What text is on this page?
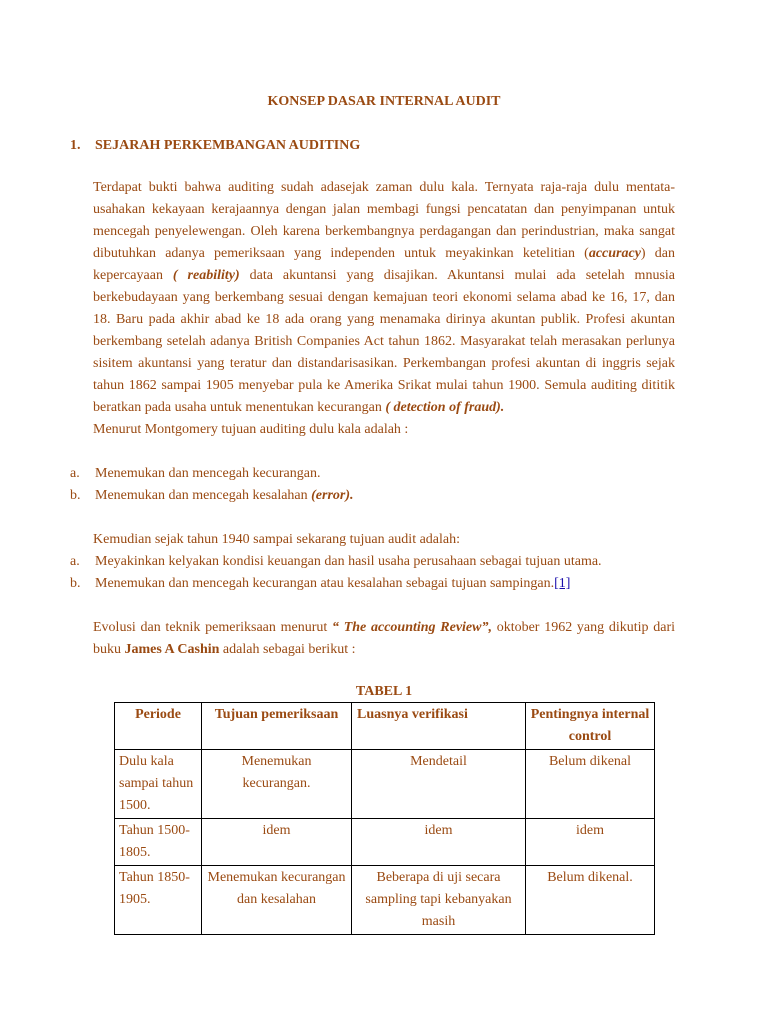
KONSEP DASAR INTERNAL AUDIT
1. SEJARAH PERKEMBANGAN AUDITING

Terdapat bukti bahwa auditing sudah adasejak zaman dulu kala. Ternyata raja-raja dulu mentata-usahakan kekayaan kerajaannya dengan jalan membagi fungsi pencatatan dan penyimpanan untuk mencegah penyelewengan. Oleh karena berkembangnya perdagangan dan perindustrian, maka sangat dibutuhkan adanya pemeriksaan yang independen untuk meyakinkan ketelitian (accuracy) dan kepercayaan ( reability) data akuntansi yang disajikan. Akuntansi mulai ada setelah mnusia berkebudayaan yang berkembang sesuai dengan kemajuan teori ekonomi selama abad ke 16, 17, dan 18. Baru pada akhir abad ke 18 ada orang yang menamaka dirinya akuntan publik. Profesi akuntan berkembang setelah adanya British Companies Act tahun 1862. Masyarakat telah merasakan perlunya sisitem akuntansi yang teratur dan distandarisasikan. Perkembangan profesi akuntan di inggris sejak tahun 1862 sampai 1905 menyebar pula ke Amerika Srikat mulai tahun 1900. Semula auditing dititik beratkan pada usaha untuk menentukan kecurangan ( detection of fraud).

Menurut Montgomery tujuan auditing dulu kala adalah :

a. Menemukan dan mencegah kecurangan.
b. Menemukan dan mencegah kesalahan (error).
Kemudian sejak tahun 1940 sampai sekarang tujuan audit adalah:
a. Meyakinkan kelyakan kondisi keuangan dan hasil usaha perusahaan sebagai tujuan utama.
b. Menemukan dan mencegah kecurangan atau kesalahan sebagai tujuan sampingan.[1]

Evolusi dan teknik pemeriksaan menurut “ The accounting Review”, oktober 1962 yang dikutip dari buku James A Cashin adalah sebagai berikut :

TABEL 1
Periode	Tujuan pemeriksaan	Luasnya verifikasi	Pentingnya internal control
Dulu kala sampai tahun 1500.	Menemukan kecurangan.	Mendetail	Belum dikenal
Tahun 1500-1805.	idem	idem	idem
Tahun 1850-1905.	Menemukan kecurangan dan kesalahan	Beberapa di uji secara sampling tapi kebanyakan masih	Belum dikenal.
